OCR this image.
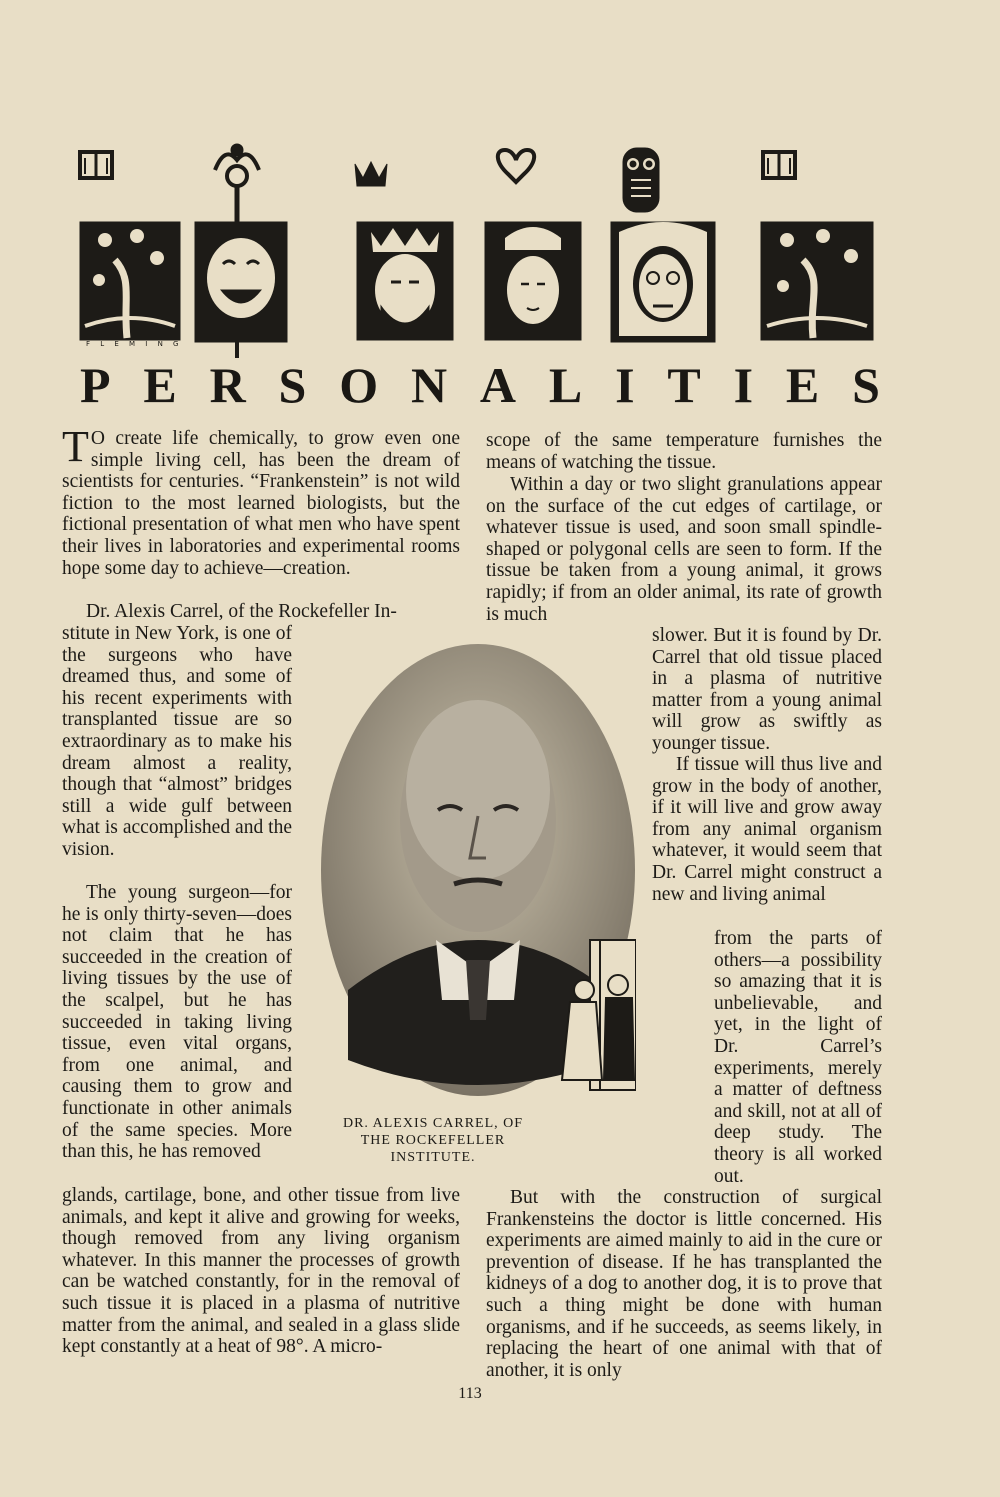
F L E M I N G
P E R S O N A L I T I E S
T O create life chemically, to grow even one simple living cell, has been the dream of scientists for centuries. “Frankenstein” is not wild fiction to the most learned biologists, but the fictional presentation of what men who have spent their lives in laboratories and experimental rooms hope some day to achieve—creation.

Dr. Alexis Carrel, of the Rockefeller In-

stitute in New York, is one of the surgeons who have dreamed thus, and some of his recent experiments with transplanted tissue are so extraordinary as to make his dream almost a reality, though that “almost” bridges still a wide gulf between what is accomplished and the vision.

The young surgeon—for he is only thirty-seven—does not claim that he has succeeded in the creation of living tissues by the use of the scalpel, but he has succeeded in taking living tissue, even vital organs, from one animal, and causing them to grow and functionate in other animals of the same species. More than this, he has removed

glands, cartilage, bone, and other tissue from live animals, and kept it alive and growing for weeks, though removed from any living organism whatever. In this manner the processes of growth can be watched constantly, for in the removal of such tissue it is placed in a plasma of nutritive matter from the animal, and sealed in a glass slide kept constantly at a heat of 98°. A micro-

scope of the same temperature furnishes the means of watching the tissue.

Within a day or two slight granulations appear on the surface of the cut edges of cartilage, or whatever tissue is used, and soon small spindle-shaped or polygonal cells are seen to form. If the tissue be taken from a young animal, it grows rapidly; if from an older animal, its rate of growth is much

slower. But it is found by Dr. Carrel that old tissue placed in a plasma of nutritive matter from a young animal will grow as swiftly as younger tissue.

If tissue will thus live and grow in the body of another, if it will live and grow away from any animal organism whatever, it would seem that Dr. Carrel might construct a new and living animal

from the parts of others—a possibility so amazing that it is unbelievable, and yet, in the light of Dr. Carrel’s experiments, merely a matter of deftness and skill, not at all of deep study. The theory is all worked out.

But with the construction of surgical Frankensteins the doctor is little concerned. His experiments are aimed mainly to aid in the cure or prevention of disease. If he has transplanted the kidneys of a dog to another dog, it is to prove that such a thing might be done with human organisms, and if he succeeds, as seems likely, in replacing the heart of one animal with that of another, it is only

DR. ALEXIS CARREL, OF
THE ROCKEFELLER
INSTITUTE.
113
